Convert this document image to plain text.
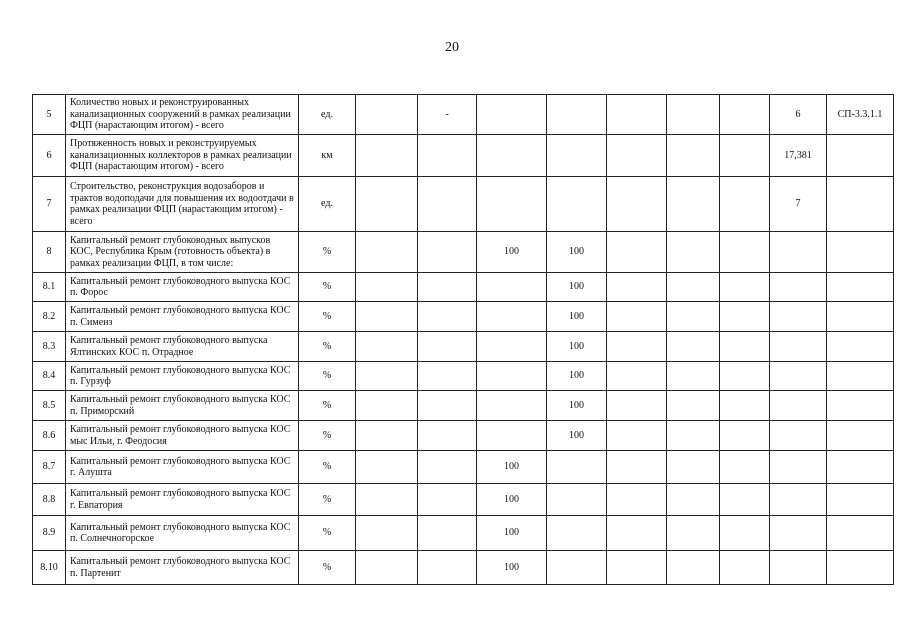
20
5	Количество новых и реконструированных канализационных сооружений в рамках реализации ФЦП (нарастающим итогом) - всего	ед.		-						6	СП-3.3.1.1
6	Протяженность новых и реконструируемых канализационных коллекторов в рамках реализации ФЦП (нарастающим итогом) - всего	км								17,381	
7	Строительство, реконструкция водозаборов и трактов водоподачи для повышения их водоотдачи в рамках реализации ФЦП (нарастающим итогом) - всего	ед.								7	
8	Капитальный ремонт глубоководных выпусков КОС, Республика Крым (готовность объекта) в рамках реализации ФЦП, в том числе:	%			100	100					
8.1	Капитальный ремонт глубоководного выпуска КОС п. Форос	%				100					
8.2	Капитальный ремонт глубоководного выпуска КОС п. Симеиз	%				100					
8.3	Капитальный ремонт глубоководного выпуска Ялтинских КОС п. Отрадное	%				100					
8.4	Капитальный ремонт глубоководного выпуска КОС п. Гурзуф	%				100					
8.5	Капитальный ремонт глубоководного выпуска КОС п. Приморский	%				100					
8.6	Капитальный ремонт глубоководного выпуска КОС мыс Ильи, г. Феодосия	%				100					
8.7	Капитальный ремонт глубоководного выпуска КОС г. Алушта	%			100						
8.8	Капитальный ремонт глубоководного выпуска КОС г. Евпатория	%			100						
8.9	Капитальный ремонт глубоководного выпуска КОС п. Солнечногорское	%			100						
8.10	Капитальный ремонт глубоководного выпуска КОС п. Партенит	%			100						
